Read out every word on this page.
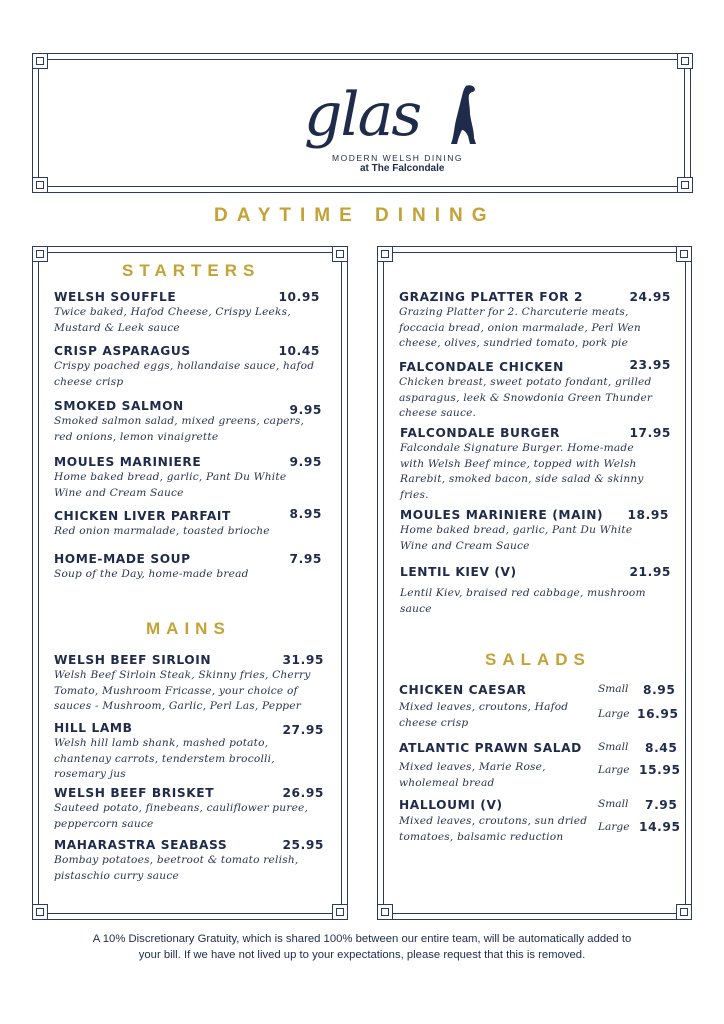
glas
MODERN WELSH DINING
at The Falcondale
DAYTIME DINING
STARTERS
WELSH SOUFFLE	10.95
Twice baked, Hafod Cheese, Crispy Leeks, Mustard & Leek sauce
CRISP ASPARAGUS	10.45
Crispy poached eggs, hollandaise sauce, hafod cheese crisp
SMOKED SALMON	9.95
Smoked salmon salad, mixed greens, capers, red onions, lemon vinaigrette
MOULES MARINIERE	9.95
Home baked bread, garlic, Pant Du White Wine and Cream Sauce
CHICKEN LIVER PARFAIT	8.95
Red onion marmalade, toasted brioche
HOME-MADE SOUP	7.95
Soup of the Day, home-made bread
MAINS
WELSH BEEF SIRLOIN	31.95
Welsh Beef Sirloin Steak, Skinny fries, Cherry Tomato, Mushroom Fricasse, your choice of sauces - Mushroom, Garlic, Perl Las, Pepper
HILL LAMB	27.95
Welsh hill lamb shank, mashed potato, chantenay carrots, tenderstem brocolli, rosemary jus
WELSH BEEF BRISKET	26.95
Sauteed potato, finebeans, cauliflower puree, peppercorn sauce
MAHARASTRA SEABASS	25.95
Bombay potatoes, beetroot & tomato relish, pistaschio curry sauce
GRAZING PLATTER FOR 2	24.95
Grazing Platter for 2. Charcuterie meats, foccacia bread, onion marmalade, Perl Wen cheese, olives, sundried tomato, pork pie
FALCONDALE CHICKEN	23.95
Chicken breast, sweet potato fondant, grilled asparagus, leek & Snowdonia Green Thunder cheese sauce.
FALCONDALE BURGER	17.95
Falcondale Signature Burger. Home-made with Welsh Beef mince, topped with Welsh Rarebit, smoked bacon, side salad & skinny fries.
MOULES MARINIERE (MAIN)	18.95
Home baked bread, garlic, Pant Du White Wine and Cream Sauce
LENTIL KIEV (V)	21.95
Lentil Kiev, braised red cabbage, mushroom sauce
SALADS
CHICKEN CAESAR
Mixed leaves, croutons, Hafod cheese crisp
Small 8.95
Large 16.95
ATLANTIC PRAWN SALAD
Mixed leaves, Marie Rose, wholemeal bread
Small 8.45
Large 15.95
HALLOUMI (V)
Mixed leaves, croutons, sun dried tomatoes, balsamic reduction
Small 7.95
Large 14.95
A 10% Discretionary Gratuity, which is shared 100% between our entire team, will be automatically added to
your bill. If we have not lived up to your expectations, please request that this is removed.
